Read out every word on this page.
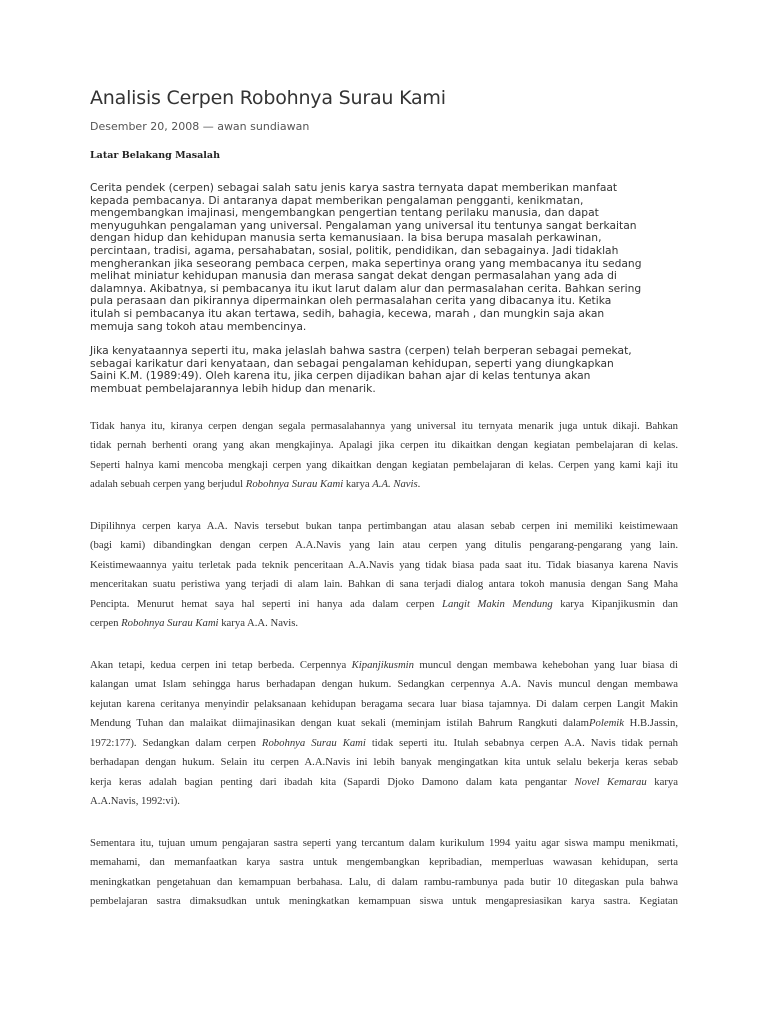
Analisis Cerpen Robohnya Surau Kami
Desember 20, 2008 — awan sundiawan
Latar Belakang Masalah

Cerita pendek (cerpen) sebagai salah satu jenis karya sastra ternyata dapat memberikan manfaat
kepada pembacanya. Di antaranya dapat memberikan pengalaman pengganti, kenikmatan,
mengembangkan imajinasi, mengembangkan pengertian tentang perilaku manusia, dan dapat
menyuguhkan pengalaman yang universal. Pengalaman yang universal itu tentunya sangat berkaitan
dengan hidup dan kehidupan manusia serta kemanusiaan. Ia bisa berupa masalah perkawinan,
percintaan, tradisi, agama, persahabatan, sosial, politik, pendidikan, dan sebagainya. Jadi tidaklah
mengherankan jika seseorang pembaca cerpen, maka sepertinya orang yang membacanya itu sedang
melihat miniatur kehidupan manusia dan merasa sangat dekat dengan permasalahan yang ada di
dalamnya. Akibatnya, si pembacanya itu ikut larut dalam alur dan permasalahan cerita. Bahkan sering
pula perasaan dan pikirannya dipermainkan oleh permasalahan cerita yang dibacanya itu. Ketika
itulah si pembacanya itu akan tertawa, sedih, bahagia, kecewa, marah , dan mungkin saja akan
memuja sang tokoh atau membencinya.

Jika kenyataannya seperti itu, maka jelaslah bahwa sastra (cerpen) telah berperan sebagai pemekat,
sebagai karikatur dari kenyataan, dan sebagai pengalaman kehidupan, seperti yang diungkapkan
Saini K.M. (1989:49). Oleh karena itu, jika cerpen dijadikan bahan ajar di kelas tentunya akan
membuat pembelajarannya lebih hidup dan menarik.

Tidak hanya itu, kiranya cerpen dengan segala permasalahannya yang universal itu ternyata menarik juga untuk dikaji. Bahkan
tidak pernah berhenti orang yang akan mengkajinya. Apalagi jika cerpen itu dikaitkan dengan kegiatan pembelajaran di kelas.
Seperti halnya kami mencoba mengkaji cerpen yang dikaitkan dengan kegiatan pembelajaran di kelas. Cerpen yang kami kaji itu
adalah sebuah cerpen yang berjudul Robohnya Surau Kami karya A.A. Navis.

Dipilihnya cerpen karya A.A. Navis tersebut bukan tanpa pertimbangan atau alasan sebab cerpen ini memiliki keistimewaan
(bagi kami) dibandingkan dengan cerpen A.A.Navis yang lain atau cerpen yang ditulis pengarang-pengarang yang lain.
Keistimewaannya yaitu terletak pada teknik penceritaan A.A.Navis yang tidak biasa pada saat itu. Tidak biasanya karena Navis
menceritakan suatu peristiwa yang terjadi di alam lain. Bahkan di sana terjadi dialog antara tokoh manusia dengan Sang Maha
Pencipta. Menurut hemat saya hal seperti ini hanya ada dalam cerpen Langit Makin Mendung karya Kipanjikusmin dan
cerpen Robohnya Surau Kami karya A.A. Navis.

Akan tetapi, kedua cerpen ini tetap berbeda. Cerpennya Kipanjikusmin muncul dengan membawa kehebohan yang luar biasa di
kalangan umat Islam sehingga harus berhadapan dengan hukum. Sedangkan cerpennya A.A. Navis muncul dengan membawa
kejutan karena ceritanya menyindir pelaksanaan kehidupan beragama secara luar biasa tajamnya. Di dalam cerpen Langit Makin
Mendung Tuhan dan malaikat diimajinasikan dengan kuat sekali (meminjam istilah Bahrum Rangkuti dalamPolemik H.B.Jassin,
1972:177). Sedangkan dalam cerpen Robohnya Surau Kami tidak seperti itu. Itulah sebabnya cerpen A.A. Navis tidak pernah
berhadapan dengan hukum. Selain itu cerpen A.A.Navis ini lebih banyak mengingatkan kita untuk selalu bekerja keras sebab
kerja keras adalah bagian penting dari ibadah kita (Sapardi Djoko Damono dalam kata pengantar Novel Kemarau karya
A.A.Navis, 1992:vi).

Sementara itu, tujuan umum pengajaran sastra seperti yang tercantum dalam kurikulum 1994 yaitu agar siswa mampu menikmati,
memahami, dan memanfaatkan karya sastra untuk mengembangkan kepribadian, memperluas wawasan kehidupan, serta
meningkatkan pengetahuan dan kemampuan berbahasa. Lalu, di dalam rambu-rambunya pada butir 10 ditegaskan pula bahwa
pembelajaran sastra dimaksudkan untuk meningkatkan kemampuan siswa untuk mengapresiasikan karya sastra. Kegiatan
